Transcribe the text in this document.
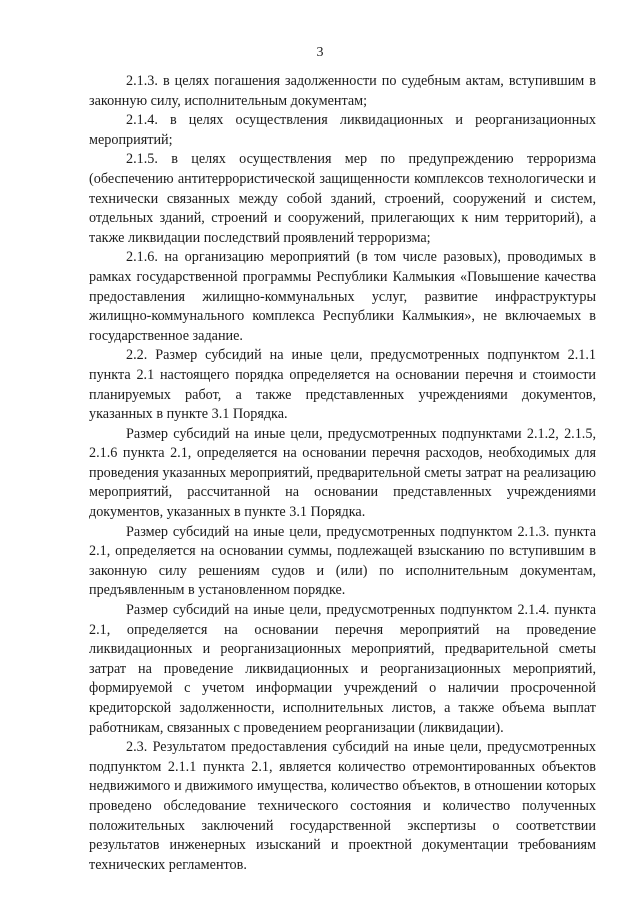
3

2.1.3. в целях погашения задолженности по судебным актам, вступившим в законную силу, исполнительным документам;

2.1.4. в целях осуществления ликвидационных и реорганизационных мероприятий;

2.1.5. в целях осуществления мер по предупреждению терроризма (обеспечению антитеррористической защищенности комплексов технологически и технически связанных между собой зданий, строений, сооружений и систем, отдельных зданий, строений и сооружений, прилегающих к ним территорий), а также ликвидации последствий проявлений терроризма;

2.1.6. на организацию мероприятий (в том числе разовых), проводимых в рамках государственной программы Республики Калмыкия «Повышение качества предоставления жилищно-коммунальных услуг, развитие инфраструктуры жилищно-коммунального комплекса Республики Калмыкия», не включаемых в государственное задание.

2.2. Размер субсидий на иные цели, предусмотренных подпунктом 2.1.1 пункта 2.1 настоящего порядка определяется на основании перечня и стоимости планируемых работ, а также представленных учреждениями документов, указанных в пункте 3.1 Порядка.

Размер субсидий на иные цели, предусмотренных подпунктами 2.1.2, 2.1.5, 2.1.6 пункта 2.1, определяется на основании перечня расходов, необходимых для проведения указанных мероприятий, предварительной сметы затрат на реализацию мероприятий, рассчитанной на основании представленных учреждениями документов, указанных в пункте 3.1 Порядка.

Размер субсидий на иные цели, предусмотренных подпунктом 2.1.3. пункта 2.1, определяется на основании суммы, подлежащей взысканию по вступившим в законную силу решениям судов и (или) по исполнительным документам, предъявленным в установленном порядке.

Размер субсидий на иные цели, предусмотренных подпунктом 2.1.4. пункта 2.1, определяется на основании перечня мероприятий на проведение ликвидационных и реорганизационных мероприятий, предварительной сметы затрат на проведение ликвидационных и реорганизационных мероприятий, формируемой с учетом информации учреждений о наличии просроченной кредиторской задолженности, исполнительных листов, а также объема выплат работникам, связанных с проведением реорганизации (ликвидации).

2.3. Результатом предоставления субсидий на иные цели, предусмотренных подпунктом 2.1.1 пункта 2.1, является количество отремонтированных объектов недвижимого и движимого имущества, количество объектов, в отношении которых проведено обследование технического состояния и количество полученных положительных заключений государственной экспертизы о соответствии результатов инженерных изысканий и проектной документации требованиям технических регламентов.
